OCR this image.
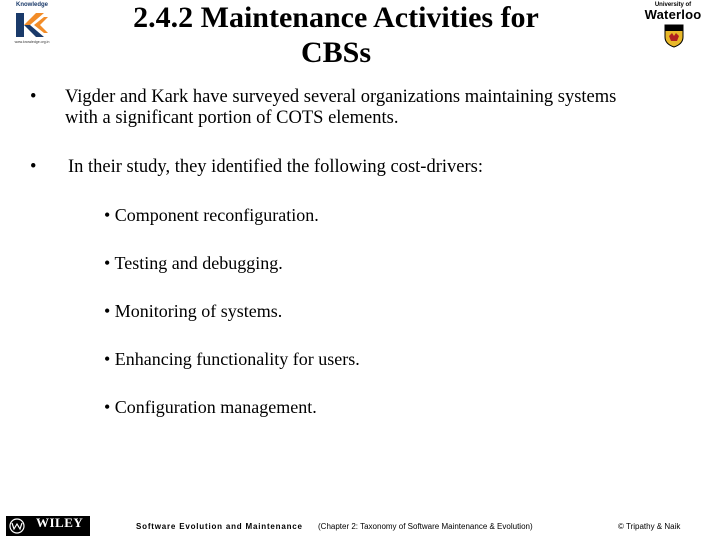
Knowledge
www.knowledge.org.in
2.4.2 Maintenance Activities for
CBSs
University of
Waterloo
• Vigder and Kark have surveyed several organizations maintaining systems
with a significant portion of COTS elements.
• In their study, they identified the following cost-drivers:
• Component reconfiguration.
• Testing and debugging.
• Monitoring of systems.
• Enhancing functionality for users.
• Configuration management.
WILEY	Software Evolution and Maintenance (Chapter 2: Taxonomy of Software Maintenance & Evolution)	© Tripathy & Naik
